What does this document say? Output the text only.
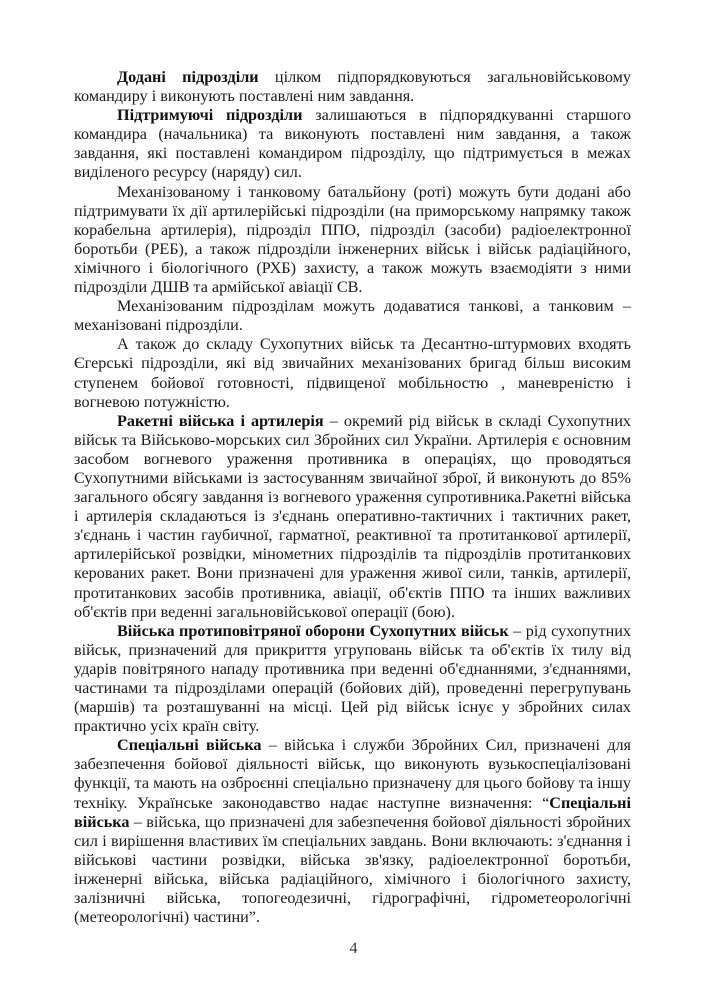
Додані підрозділи цілком підпорядковуються загальновійськовому командиру і виконують поставлені ним завдання.

Підтримуючі підрозділи залишаються в підпорядкуванні старшого командира (начальника) та виконують поставлені ним завдання, а також завдання, які поставлені командиром підрозділу, що підтримується в межах виділеного ресурсу (наряду) сил.

Механізованому і танковому батальйону (роті) можуть бути додані або підтримувати їх дії артилерійські підрозділи (на приморському напрямку також корабельна артилерія), підрозділ ППО, підрозділ (засоби) радіоелектронної боротьби (РЕБ), а також підрозділи інженерних військ і військ радіаційного, хімічного і біологічного (РХБ) захисту, а також можуть взаємодіяти з ними підрозділи ДШВ та армійської авіації СВ.

Механізованим підрозділам можуть додаватися танкові, а танковим – механізовані підрозділи.

А також до складу Сухопутних військ та Десантно-штурмових входять Єгерські підрозділи, які від звичайних механізованих бригад більш високим ступенем бойової готовності, підвищеної мобільностю , маневреністю і вогневою потужністю.

Ракетні війська і артилерія – окремий рід військ в складі Сухопутних військ та Військово-морських сил Збройних сил України. Артилерія є основним засобом вогневого ураження противника в операціях, що проводяться Сухопутними військами із застосуванням звичайної зброї, й виконують до 85% загального обсягу завдання із вогневого ураження супротивника.Ракетні війська і артилерія складаються із з'єднань оперативно-тактичних і тактичних ракет, з'єднань і частин гаубичної, гарматної, реактивної та протитанкової артилерії, артилерійської розвідки, мінометних підрозділів та підрозділів протитанкових керованих ракет. Вони призначені для ураження живої сили, танків, артилерії, протитанкових засобів противника, авіації, об'єктів ППО та інших важливих об'єктів при веденні загальновійськової операції (бою).

Війська протиповітряної оборони Сухопутних військ – рід сухопутних військ, призначений для прикриття угруповань військ та об'єктів їх тилу від ударів повітряного нападу противника при веденні об'єднаннями, з'єднаннями, частинами та підрозділами операцій (бойових дій), проведенні перегрупувань (маршів) та розташуванні на місці. Цей рід військ існує у збройних силах практично усіх країн світу.

Спеціальні війська – війська і служби Збройних Сил, призначені для забезпечення бойової діяльності військ, що виконують вузькоспеціалізовані функції, та мають на озброєнні спеціально призначену для цього бойову та іншу техніку. Українське законодавство надає наступне визначення: “Спеціальні війська – війська, що призначені для забезпечення бойової діяльності збройних сил і вирішення властивих їм спеціальних завдань. Вони включають: з'єднання і військові частини розвідки, війська зв'язку, радіоелектронної боротьби, інженерні війська, війська радіаційного, хімічного і біологічного захисту, залізничні війська, топогеодезичні, гідрографічні, гідрометеорологічні (метеорологічні) частини”.

4
